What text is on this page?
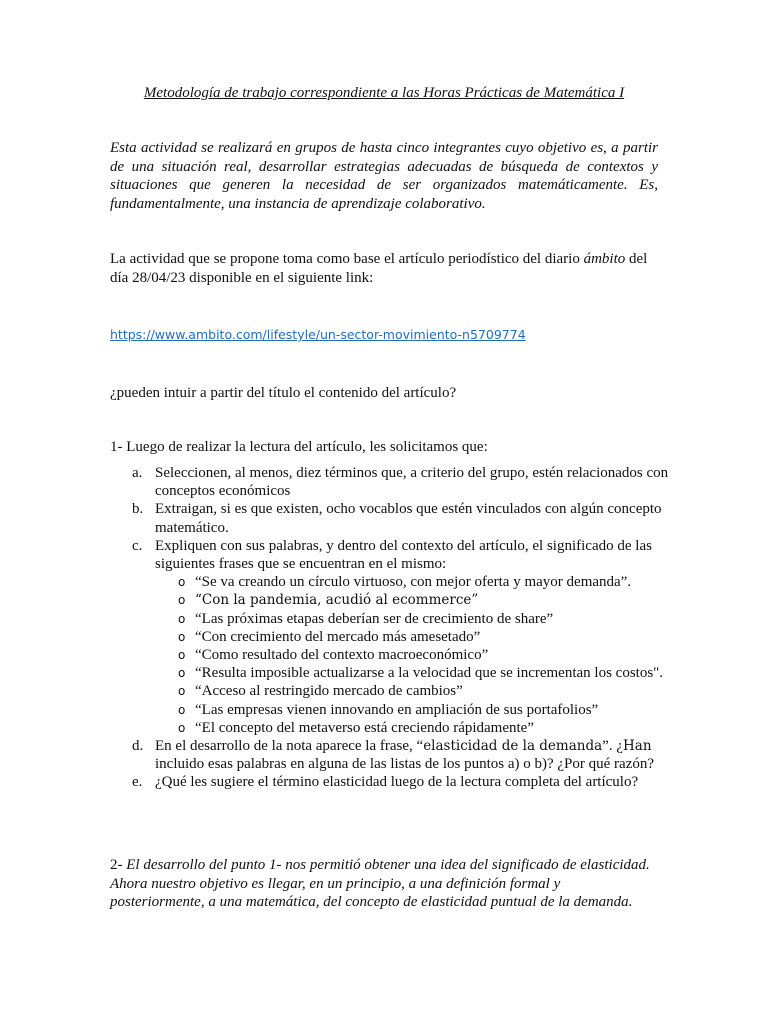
Metodología de trabajo correspondiente a las Horas Prácticas de Matemática I
Esta actividad se realizará en grupos de hasta cinco integrantes cuyo objetivo es, a partir de una situación real, desarrollar estrategias adecuadas de búsqueda de contextos y situaciones que generen la necesidad de ser organizados matemáticamente. Es, fundamentalmente, una instancia de aprendizaje colaborativo.
La actividad que se propone toma como base el artículo periodístico del diario ámbito del día 28/04/23 disponible en el siguiente link:
https://www.ambito.com/lifestyle/un-sector-movimiento-n5709774
¿pueden intuir a partir del título el contenido del artículo?
1- Luego de realizar la lectura del artículo, les solicitamos que:
a. Seleccionen, al menos, diez términos que, a criterio del grupo, estén relacionados con conceptos económicos
b. Extraigan, si es que existen, ocho vocablos que estén vinculados con algún concepto matemático.
c. Expliquen con sus palabras, y dentro del contexto del artículo, el significado de las siguientes frases que se encuentran en el mismo:
o “Se va creando un círculo virtuoso, con mejor oferta y mayor demanda”.
o “Con la pandemia, acudió al ecommerce”
o “Las próximas etapas deberían ser de crecimiento de share”
o “Con crecimiento del mercado más amesetado”
o “Como resultado del contexto macroeconómico”
o “Resulta imposible actualizarse a la velocidad que se incrementan los costos".
o “Acceso al restringido mercado de cambios”
o “Las empresas vienen innovando en ampliación de sus portafolios”
o “El concepto del metaverso está creciendo rápidamente”
d. En el desarrollo de la nota aparece la frase, “elasticidad de la demanda”. ¿Han incluido esas palabras en alguna de las listas de los puntos a) o b)? ¿Por qué razón?
e. ¿Qué les sugiere el término elasticidad luego de la lectura completa del artículo?
2- El desarrollo del punto 1- nos permitió obtener una idea del significado de elasticidad. Ahora nuestro objetivo es llegar, en un principio, a una definición formal y posteriormente, a una matemática, del concepto de elasticidad puntual de la demanda.
